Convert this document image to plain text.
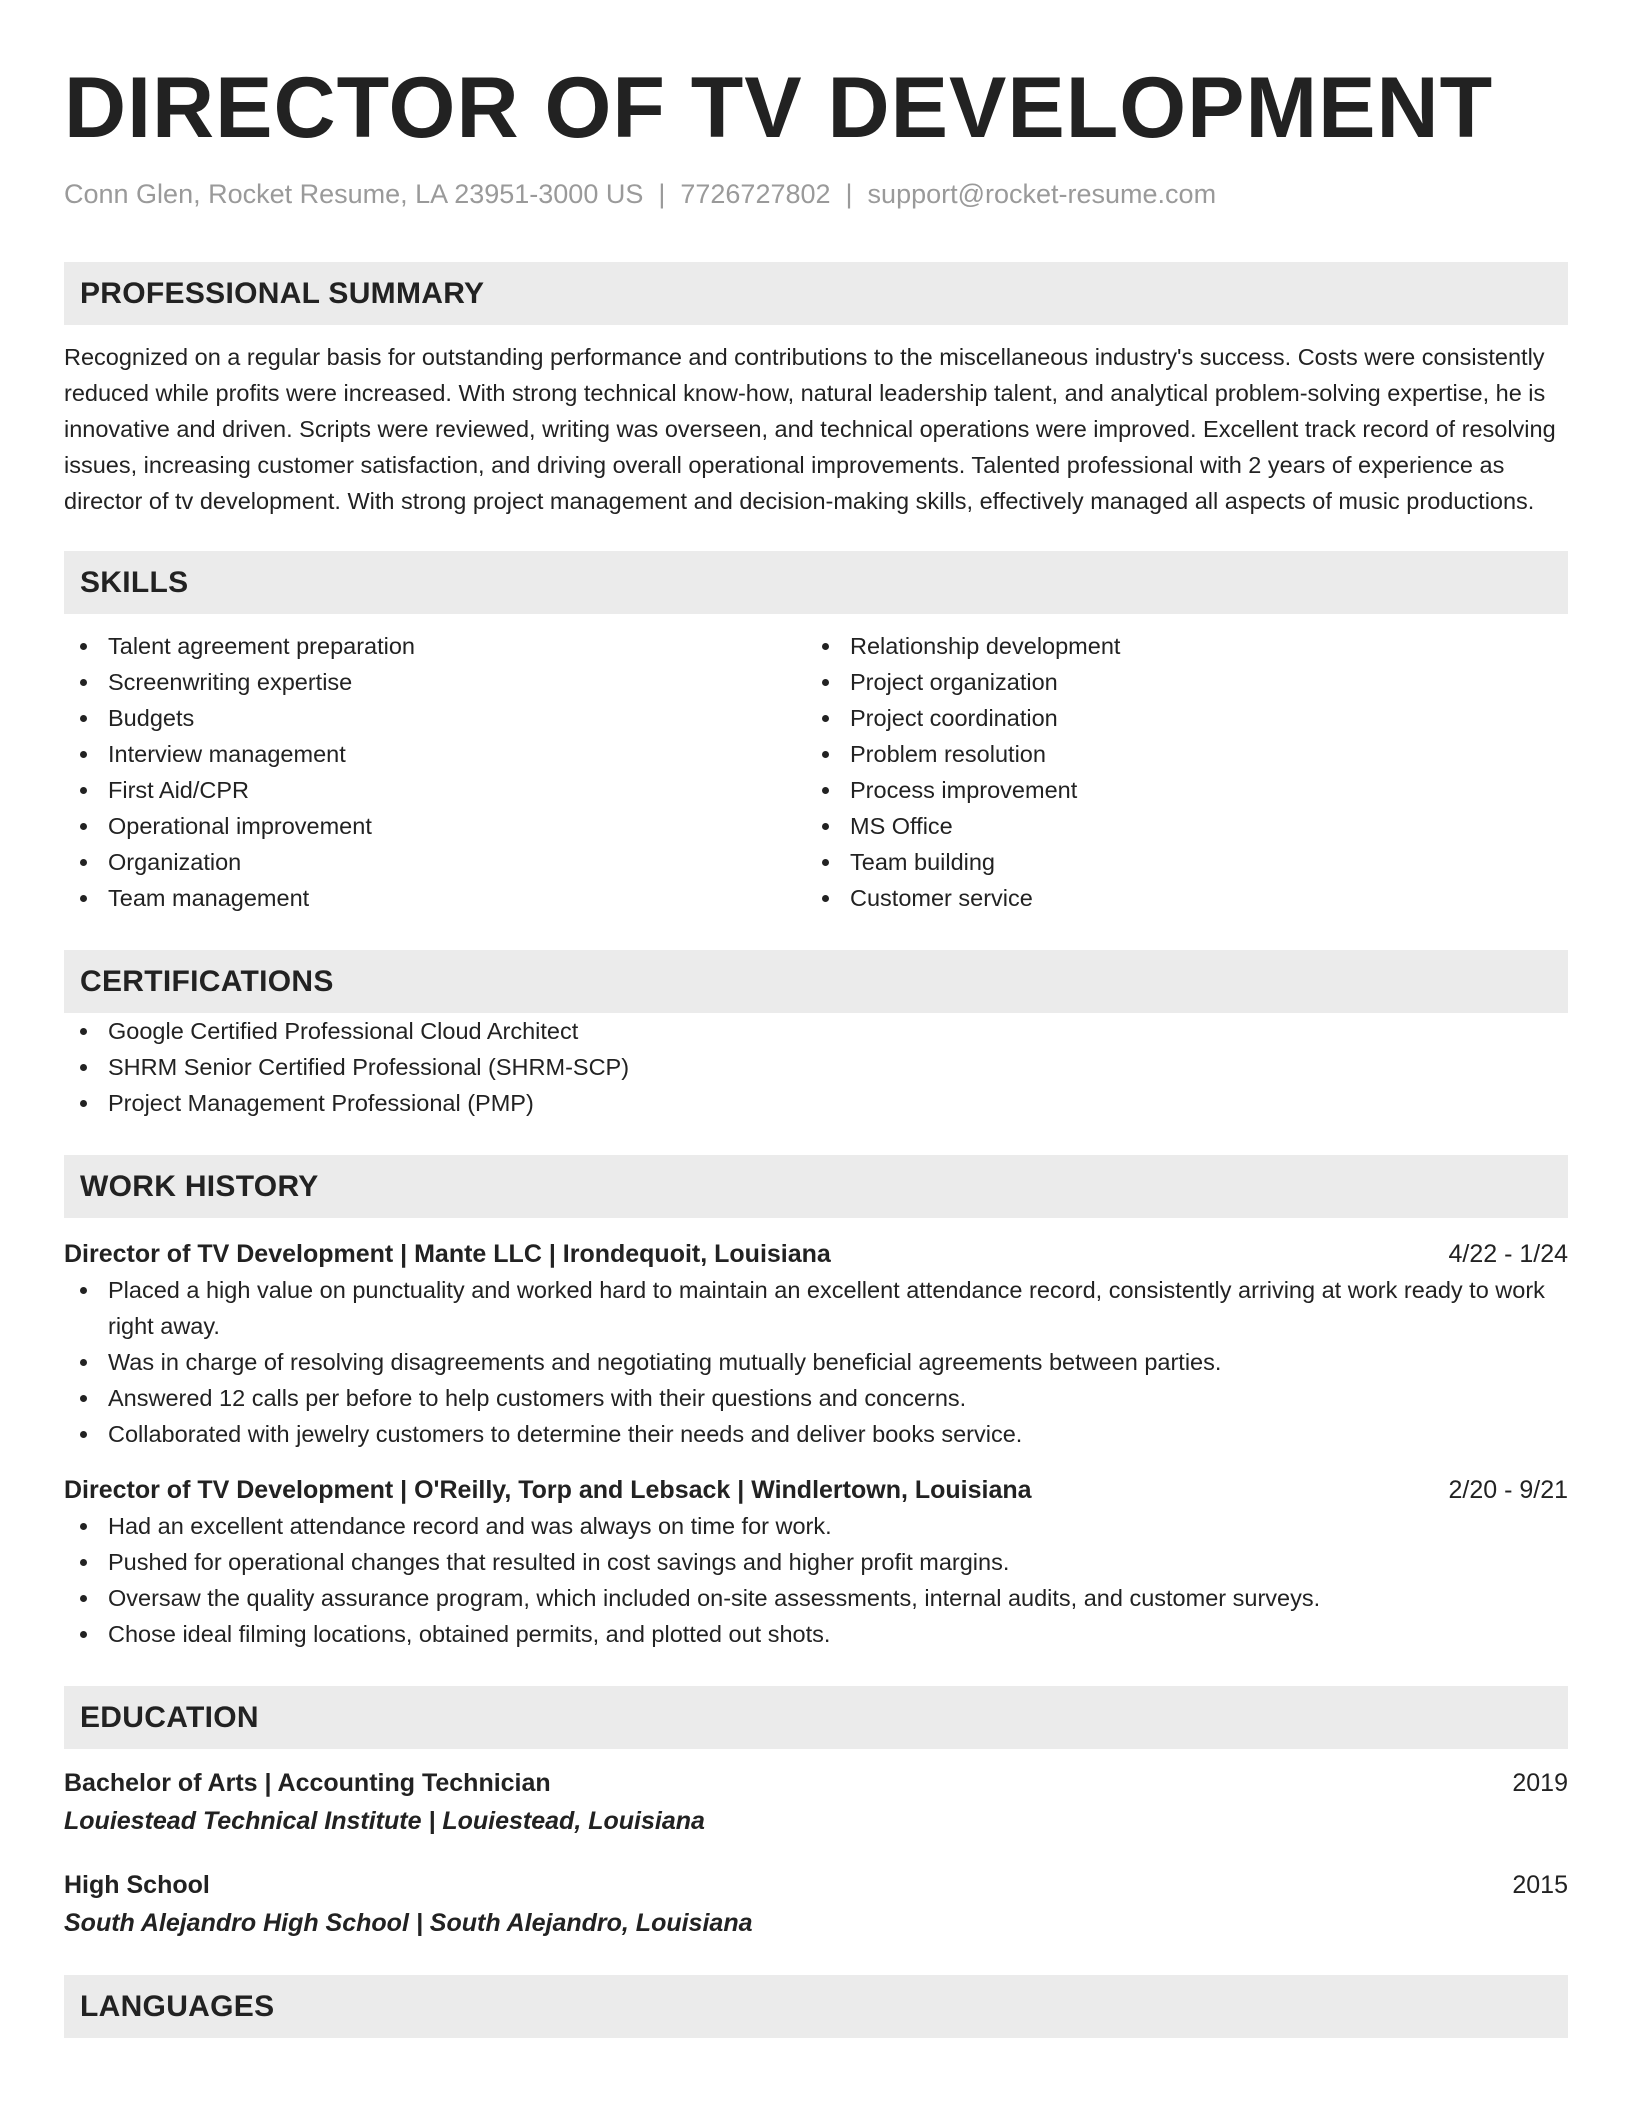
DIRECTOR OF TV DEVELOPMENT
Conn Glen, Rocket Resume, LA 23951-3000 US | 7726727802 | support@rocket-resume.com
PROFESSIONAL SUMMARY

Recognized on a regular basis for outstanding performance and contributions to the miscellaneous industry's success. Costs were consistently reduced while profits were increased. With strong technical know-how, natural leadership talent, and analytical problem-solving expertise, he is innovative and driven. Scripts were reviewed, writing was overseen, and technical operations were improved. Excellent track record of resolving issues, increasing customer satisfaction, and driving overall operational improvements. Talented professional with 2 years of experience as director of tv development. With strong project management and decision-making skills, effectively managed all aspects of music productions.

SKILLS
Talent agreement preparation
Screenwriting expertise
Budgets
Interview management
First Aid/CPR
Operational improvement
Organization
Team management
Relationship development
Project organization
Project coordination
Problem resolution
Process improvement
MS Office
Team building
Customer service
CERTIFICATIONS
Google Certified Professional Cloud Architect
SHRM Senior Certified Professional (SHRM-SCP)
Project Management Professional (PMP)
WORK HISTORY
Director of TV Development | Mante LLC | Irondequoit, Louisiana	4/22 - 1/24
Placed a high value on punctuality and worked hard to maintain an excellent attendance record, consistently arriving at work ready to work right away.
Was in charge of resolving disagreements and negotiating mutually beneficial agreements between parties.
Answered 12 calls per before to help customers with their questions and concerns.
Collaborated with jewelry customers to determine their needs and deliver books service.
Director of TV Development | O'Reilly, Torp and Lebsack | Windlertown, Louisiana	2/20 - 9/21
Had an excellent attendance record and was always on time for work.
Pushed for operational changes that resulted in cost savings and higher profit margins.
Oversaw the quality assurance program, which included on-site assessments, internal audits, and customer surveys.
Chose ideal filming locations, obtained permits, and plotted out shots.
EDUCATION
Bachelor of Arts | Accounting Technician	2019
Louiestead Technical Institute | Louiestead, Louisiana
High School	2015
South Alejandro High School | South Alejandro, Louisiana
LANGUAGES
